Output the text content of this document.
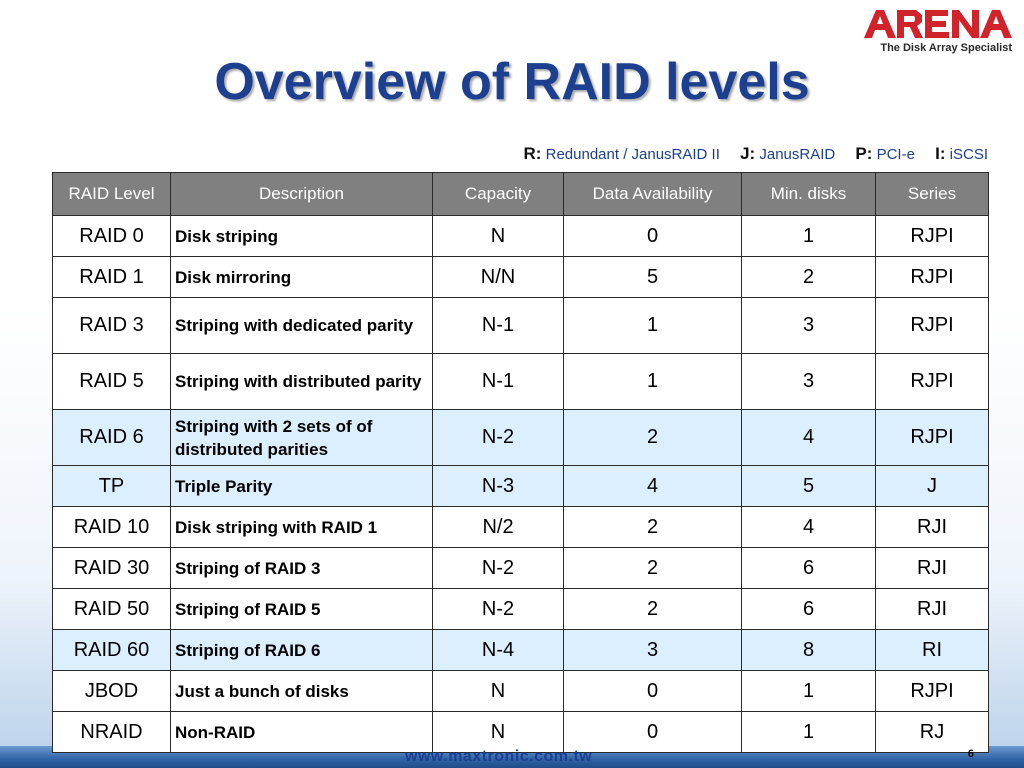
The Disk Array Specialist
Overview of RAID levels
R: Redundant / JanusRAID II J: JanusRAID P: PCI-e I: iSCSI
RAID Level	Description	Capacity	Data Availability	Min. disks	Series
RAID 0	Disk striping	N	0	1	RJPI
RAID 1	Disk mirroring	N/N	5	2	RJPI
RAID 3	Striping with dedicated parity	N-1	1	3	RJPI
RAID 5	Striping with distributed parity	N-1	1	3	RJPI
RAID 6	Striping with 2 sets of of distributed parities	N-2	2	4	RJPI
TP	Triple Parity	N-3	4	5	J
RAID 10	Disk striping with RAID 1	N/2	2	4	RJI
RAID 30	Striping of RAID 3	N-2	2	6	RJI
RAID 50	Striping of RAID 5	N-2	2	6	RJI
RAID 60	Striping of RAID 6	N-4	3	8	RI
JBOD	Just a bunch of disks	N	0	1	RJPI
NRAID	Non-RAID	N	0	1	RJ
www.maxtronic.com.tw	6
